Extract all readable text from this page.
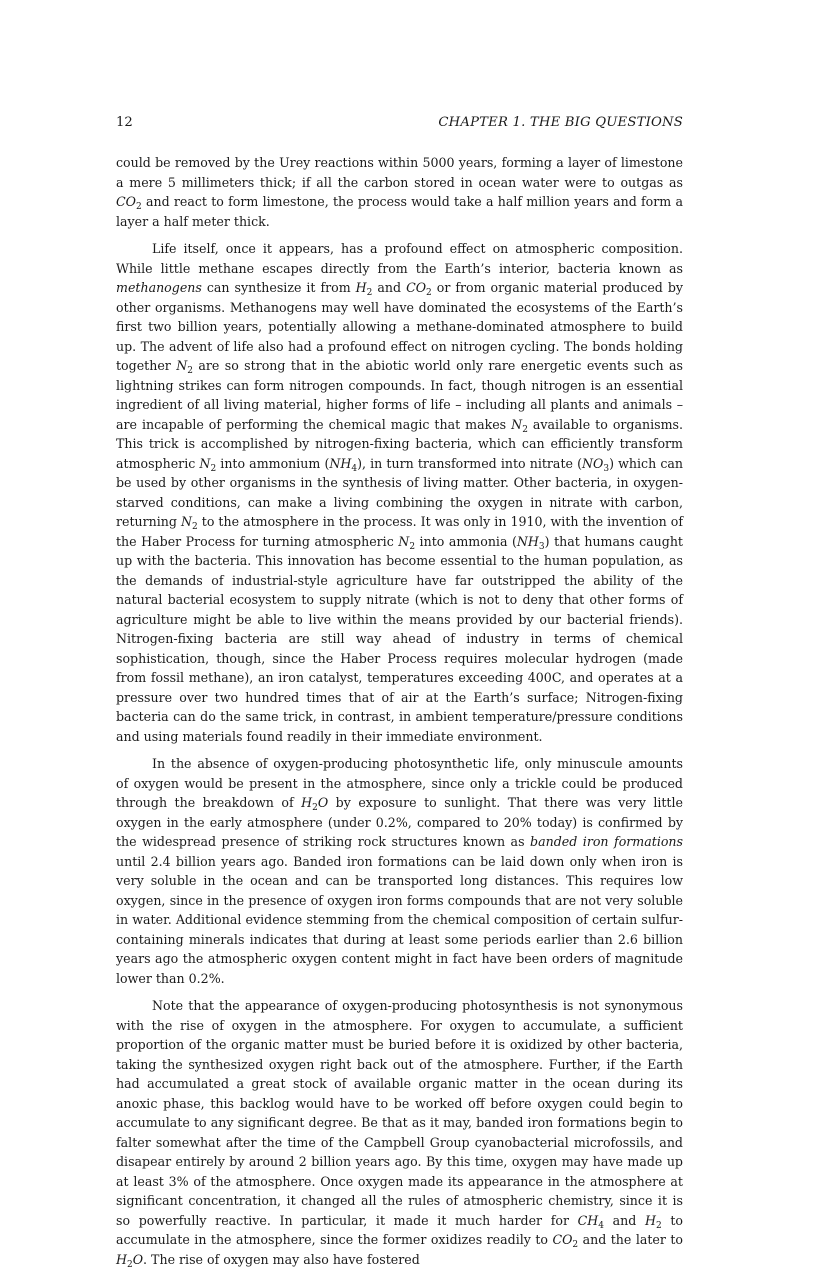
12	CHAPTER 1. THE BIG QUESTIONS

could be removed by the Urey reactions within 5000 years, forming a layer of limestone a mere 5 millimeters thick; if all the carbon stored in ocean water were to outgas as $CO_2$ and react to form limestone, the process would take a half million years and form a layer a half meter thick.

Life itself, once it appears, has a profound effect on atmospheric composition. While little methane escapes directly from the Earth’s interior, bacteria known as methanogens can synthesize it from $H_2$ and $CO_2$ or from organic material produced by other organisms. Methanogens may well have dominated the ecosystems of the Earth’s first two billion years, potentially allowing a methane-dominated atmosphere to build up. The advent of life also had a profound effect on nitrogen cycling. The bonds holding together $N_2$ are so strong that in the abiotic world only rare energetic events such as lightning strikes can form nitrogen compounds. In fact, though nitrogen is an essential ingredient of all living material, higher forms of life – including all plants and animals – are incapable of performing the chemical magic that makes $N_2$ available to organisms. This trick is accomplished by nitrogen-fixing bacteria, which can efficiently transform atmospheric $N_2$ into ammonium $(NH_4)$, in turn transformed into nitrate $(NO_3)$ which can be used by other organisms in the synthesis of living matter. Other bacteria, in oxygen-starved conditions, can make a living combining the oxygen in nitrate with carbon, returning $N_2$ to the atmosphere in the process. It was only in 1910, with the invention of the Haber Process for turning atmospheric $N_2$ into ammonia $(NH_3)$ that humans caught up with the bacteria. This innovation has become essential to the human population, as the demands of industrial-style agriculture have far outstripped the ability of the natural bacterial ecosystem to supply nitrate (which is not to deny that other forms of agriculture might be able to live within the means provided by our bacterial friends). Nitrogen-fixing bacteria are still way ahead of industry in terms of chemical sophistication, though, since the Haber Process requires molecular hydrogen (made from fossil methane), an iron catalyst, temperatures exceeding 400C, and operates at a pressure over two hundred times that of air at the Earth’s surface; Nitrogen-fixing bacteria can do the same trick, in contrast, in ambient temperature/pressure conditions and using materials found readily in their immediate environment.

In the absence of oxygen-producing photosynthetic life, only minuscule amounts of oxygen would be present in the atmosphere, since only a trickle could be produced through the breakdown of $H_2O$ by exposure to sunlight. That there was very little oxygen in the early atmosphere (under 0.2%, compared to 20% today) is confirmed by the widespread presence of striking rock structures known as banded iron formations until 2.4 billion years ago. Banded iron formations can be laid down only when iron is very soluble in the ocean and can be transported long distances. This requires low oxygen, since in the presence of oxygen iron forms compounds that are not very soluble in water. Additional evidence stemming from the chemical composition of certain sulfur-containing minerals indicates that during at least some periods earlier than 2.6 billion years ago the atmospheric oxygen content might in fact have been orders of magnitude lower than 0.2%.

Note that the appearance of oxygen-producing photosynthesis is not synonymous with the rise of oxygen in the atmosphere. For oxygen to accumulate, a sufficient proportion of the organic matter must be buried before it is oxidized by other bacteria, taking the synthesized oxygen right back out of the atmosphere. Further, if the Earth had accumulated a great stock of available organic matter in the ocean during its anoxic phase, this backlog would have to be worked off before oxygen could begin to accumulate to any significant degree. Be that as it may, banded iron formations begin to falter somewhat after the time of the Campbell Group cyanobacterial microfossils, and disapear entirely by around 2 billion years ago. By this time, oxygen may have made up at least 3% of the atmosphere. Once oxygen made its appearance in the atmosphere at significant concentration, it changed all the rules of atmospheric chemistry, since it is so powerfully reactive. In particular, it made it much harder for $CH_4$ and $H_2$ to accumulate in the atmosphere, since the former oxidizes readily to $CO_2$ and the later to $H_2O$. The rise of oxygen may also have fostered
